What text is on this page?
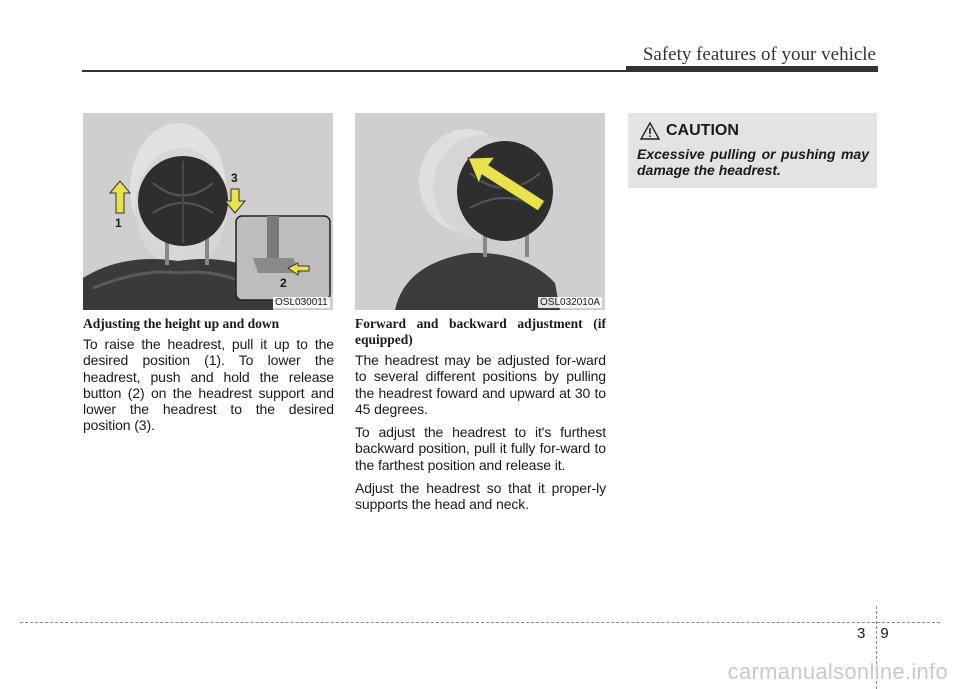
Safety features of your vehicle
1
2
3
OSL030011	OSL032010A

Adjusting the height up and down

To raise the headrest, pull it up to the desired position (1). To lower the headrest, push and hold the release button (2) on the headrest support and lower the headrest to the desired position (3).

Forward and backward adjustment (if equipped)

The headrest may be adjusted for-ward to several different positions by pulling the headrest foward and upward at 30 to 45 degrees.

To adjust the headrest to it's furthest backward position, pull it fully for-ward to the farthest position and release it.

Adjust the headrest so that it proper-ly supports the head and neck.

CAUTION
Excessive pulling or pushing may damage the headrest.
39
carmanualsonline.info
